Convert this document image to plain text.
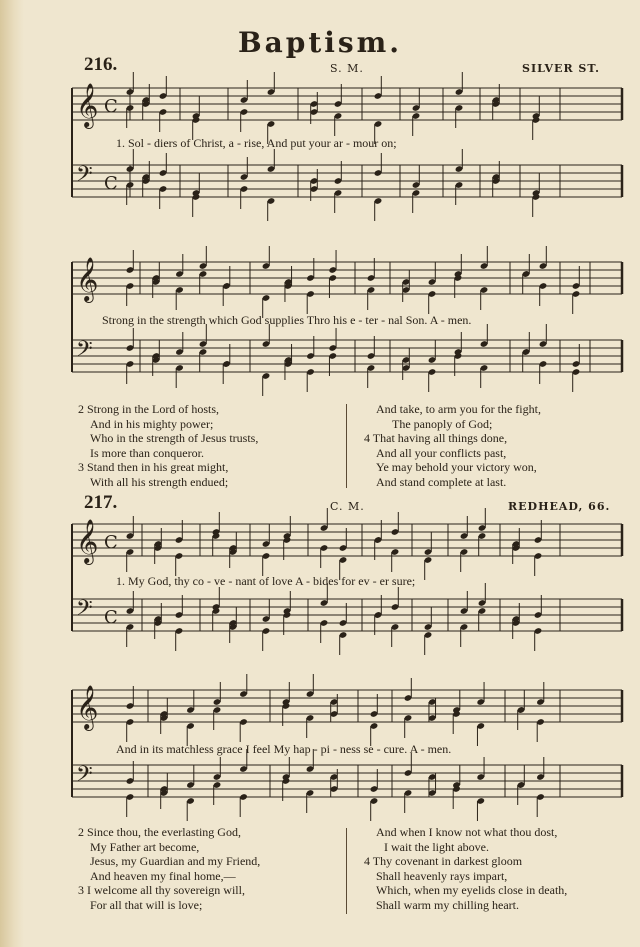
Baptism.
216.	S. M.	SILVER ST.
1. Sol - diers of Christ, a - rise, And put your ar - mour on;
Strong in the strength which God supplies Thro his e - ter - nal Son. A - men.
2 Strong in the Lord of hosts,
And in his mighty power;
Who in the strength of Jesus trusts,
Is more than conqueror.
3 Stand then in his great might,
With all his strength endued;
And take, to arm you for the fight,
The panoply of God;
4 That having all things done,
And all your conflicts past,
Ye may behold your victory won,
And stand complete at last.
217.	C. M.	REDHEAD, 66.
1. My God, thy co - ve - nant of love A - bides for ev - er sure;
And in its matchless grace I feel My hap - pi - ness se - cure. A - men.
2 Since thou, the everlasting God,
My Father art become,
Jesus, my Guardian and my Friend,
And heaven my final home,—
3 I welcome all thy sovereign will,
For all that will is love;
And when I know not what thou dost,
I wait the light above.
4 Thy covenant in darkest gloom
Shall heavenly rays impart,
Which, when my eyelids close in death,
Shall warm my chilling heart.
𝄞 C
𝄢 C
𝄞
𝄢
𝄞 C
𝄢 C
𝄞
𝄢
